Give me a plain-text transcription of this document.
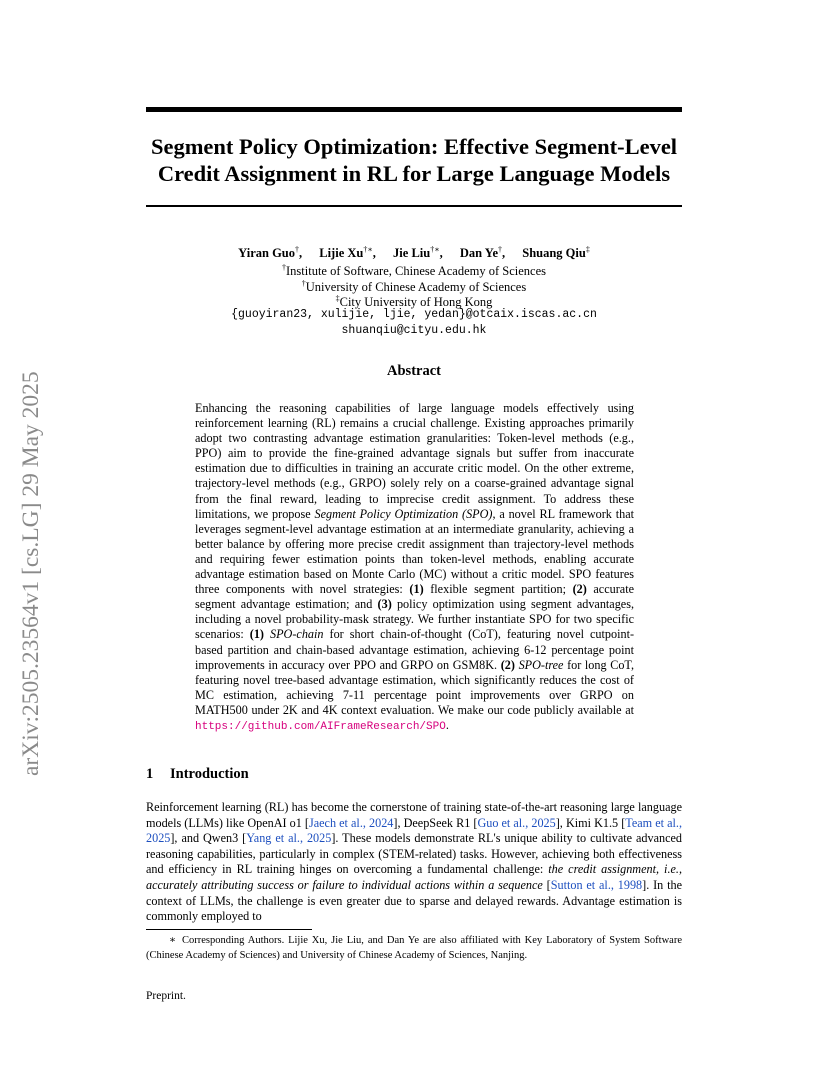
Segment Policy Optimization: Effective Segment-Level
Credit Assignment in RL for Large Language Models
arXiv:2505.23564v1 [cs.LG] 29 May 2025
Yiran Guo†, Lijie Xu†∗, Jie Liu†∗, Dan Ye†, Shuang Qiu‡
†Institute of Software, Chinese Academy of Sciences
†University of Chinese Academy of Sciences
‡City University of Hong Kong
{guoyiran23, xulijie, ljie, yedan}@otcaix.iscas.ac.cn
shuanqiu@cityu.edu.hk
Abstract

Enhancing the reasoning capabilities of large language models effectively using reinforcement learning (RL) remains a crucial challenge. Existing approaches primarily adopt two contrasting advantage estimation granularities: Token-level methods (e.g., PPO) aim to provide the fine-grained advantage signals but suffer from inaccurate estimation due to difficulties in training an accurate critic model. On the other extreme, trajectory-level methods (e.g., GRPO) solely rely on a coarse-grained advantage signal from the final reward, leading to imprecise credit assignment. To address these limitations, we propose Segment Policy Optimization (SPO), a novel RL framework that leverages segment-level advantage estimation at an intermediate granularity, achieving a better balance by offering more precise credit assignment than trajectory-level methods and requiring fewer estimation points than token-level methods, enabling accurate advantage estimation based on Monte Carlo (MC) without a critic model. SPO features three components with novel strategies: (1) flexible segment partition; (2) accurate segment advantage estimation; and (3) policy optimization using segment advantages, including a novel probability-mask strategy. We further instantiate SPO for two specific scenarios: (1) SPO-chain for short chain-of-thought (CoT), featuring novel cutpoint-based partition and chain-based advantage estimation, achieving 6-12 percentage point improvements in accuracy over PPO and GRPO on GSM8K. (2) SPO-tree for long CoT, featuring novel tree-based advantage estimation, which significantly reduces the cost of MC estimation, achieving 7-11 percentage point improvements over GRPO on MATH500 under 2K and 4K context evaluation. We make our code publicly available at https://github.com/AIFrameResearch/SPO.

1 Introduction

Reinforcement learning (RL) has become the cornerstone of training state-of-the-art reasoning large language models (LLMs) like OpenAI o1 [Jaech et al., 2024], DeepSeek R1 [Guo et al., 2025], Kimi K1.5 [Team et al., 2025], and Qwen3 [Yang et al., 2025]. These models demonstrate RL's unique ability to cultivate advanced reasoning capabilities, particularly in complex (STEM-related) tasks. However, achieving both effectiveness and efficiency in RL training hinges on overcoming a fundamental challenge: the credit assignment, i.e., accurately attributing success or failure to individual actions within a sequence [Sutton et al., 1998]. In the context of LLMs, the challenge is even greater due to sparse and delayed rewards. Advantage estimation is commonly employed to

∗ Corresponding Authors. Lijie Xu, Jie Liu, and Dan Ye are also affiliated with Key Laboratory of System Software (Chinese Academy of Sciences) and University of Chinese Academy of Sciences, Nanjing.

Preprint.
